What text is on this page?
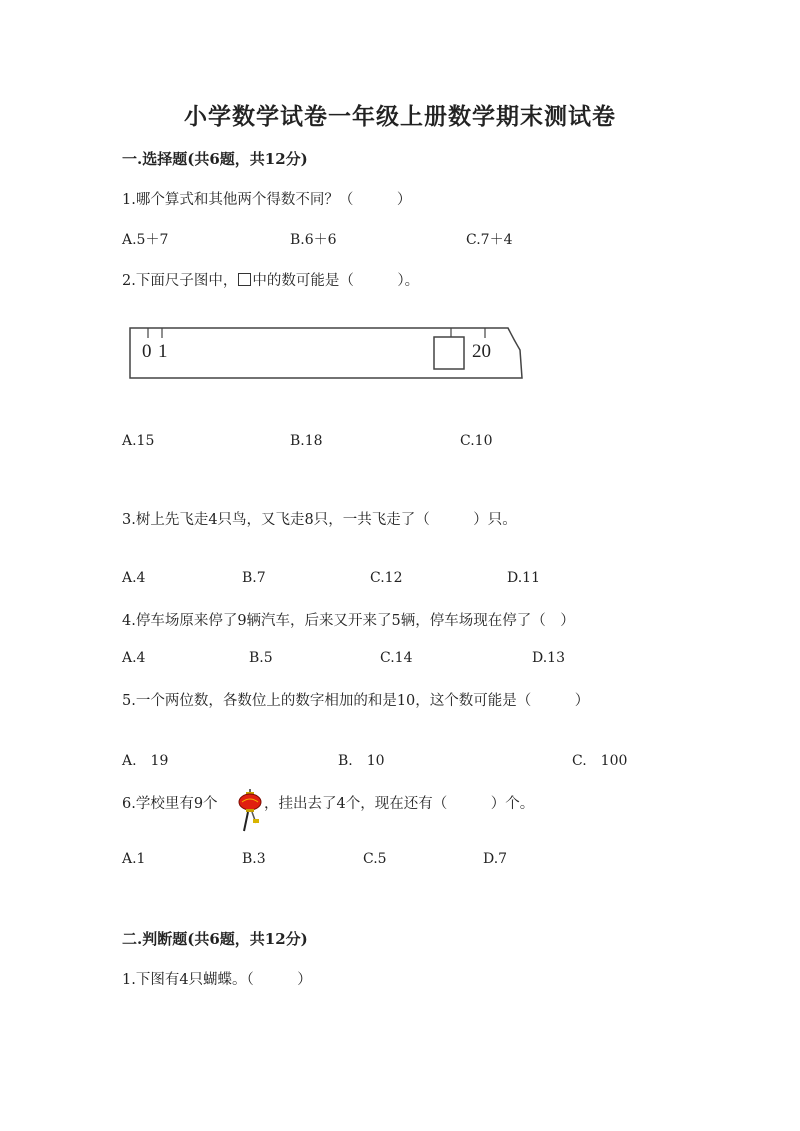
小学数学试卷一年级上册数学期末测试卷
一.选择题(共6题，共12分)
1.哪个算式和其他两个得数不同？（　　　）
A.5＋7	B.6＋6	C.7＋4
2.下面尺子图中， 中的数可能是（　　　）。
0 1	20
A.15	B.18	C.10
3.树上先飞走4只鸟，又飞走8只，一共飞走了（　　　）只。
A.4	B.7	C.12	D.11
4.停车场原来停了9辆汽车，后来又开来了5辆，停车场现在停了（　）
A.4	B.5	C.14	D.13
5.一个两位数，各数位上的数字相加的和是10，这个数可能是（　　　）
A.　19	B.　10	C.　100
6.学校里有9个	，挂出去了4个，现在还有（　　　）个。
A.1	B.3	C.5	D.7
二.判断题(共6题，共12分)
1.下图有4只蝴蝶。（　　　）
